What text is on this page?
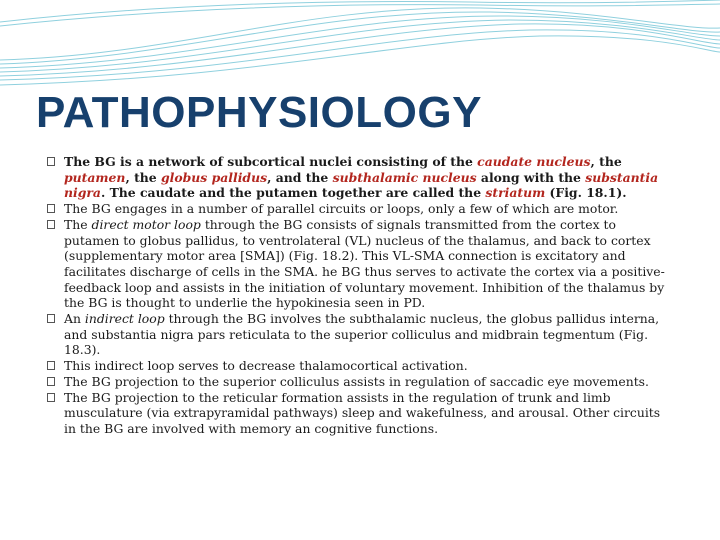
PATHOPHYSIOLOGY
The BG is a network of subcortical nuclei consisting of the caudate nucleus, the putamen, the globus pallidus, and the subthalamic nucleus along with the substantia nigra. The caudate and the putamen together are called the striatum (Fig. 18.1).
The BG engages in a number of parallel circuits or loops, only a few of which are motor.
The direct motor loop through the BG consists of signals transmitted from the cortex to putamen to globus pallidus, to ventrolateral (VL) nucleus of the thalamus, and back to cortex (supplementary motor area [SMA]) (Fig. 18.2). This VL-SMA connection is excitatory and facilitates discharge of cells in the SMA. he BG thus serves to activate the cortex via a positive-feedback loop and assists in the initiation of voluntary movement. Inhibition of the thalamus by the BG is thought to underlie the hypokinesia seen in PD.
An indirect loop through the BG involves the subthalamic nucleus, the globus pallidus interna, and substantia nigra pars reticulata to the superior colliculus and midbrain tegmentum (Fig. 18.3).
This indirect loop serves to decrease thalamocortical activation.
The BG projection to the superior colliculus assists in regulation of saccadic eye movements.
The BG projection to the reticular formation assists in the regulation of trunk and limb musculature (via extrapyramidal pathways) sleep and wakefulness, and arousal. Other circuits in the BG are involved with memory an cognitive functions.
